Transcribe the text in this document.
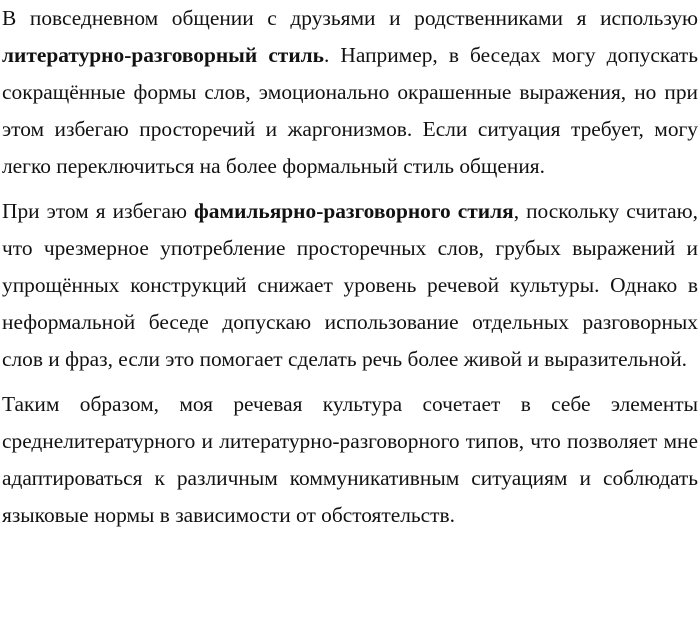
В повседневном общении с друзьями и родственниками я использую литературно-разговорный стиль. Например, в беседах могу допускать сокращённые формы слов, эмоционально окрашенные выражения, но при этом избегаю просторечий и жаргонизмов. Если ситуация требует, могу легко переключиться на более формальный стиль общения.

При этом я избегаю фамильярно-разговорного стиля, поскольку считаю, что чрезмерное употребление просторечных слов, грубых выражений и упрощённых конструкций снижает уровень речевой культуры. Однако в неформальной беседе допускаю использование отдельных разговорных слов и фраз, если это помогает сделать речь более живой и выразительной.

Таким образом, моя речевая культура сочетает в себе элементы среднелитературного и литературно-разговорного типов, что позволяет мне адаптироваться к различным коммуникативным ситуациям и соблюдать языковые нормы в зависимости от обстоятельств.
